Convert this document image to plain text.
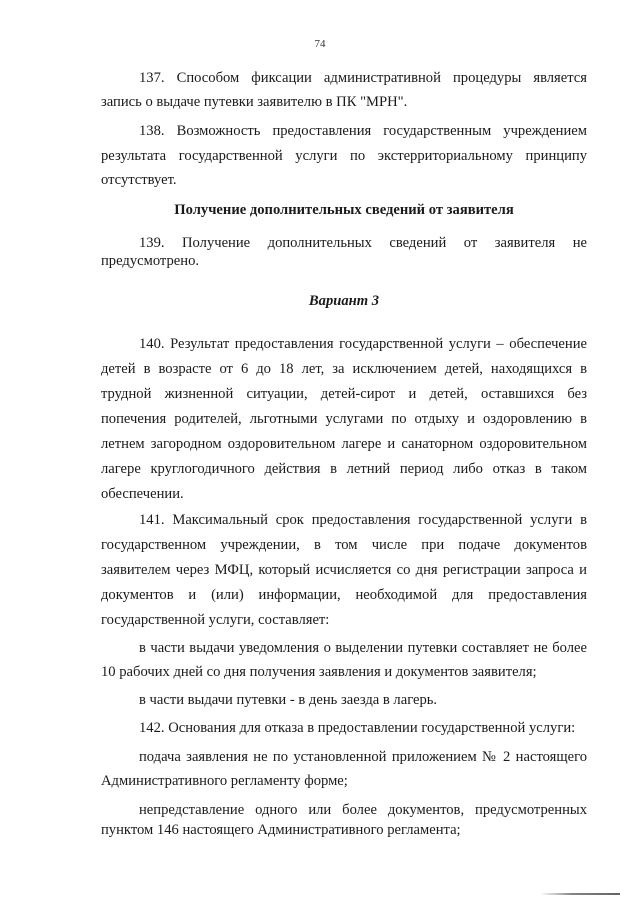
74
137. Способом фиксации административной процедуры является
запись о выдаче путевки заявителю в ПК "МРН".
138. Возможность предоставления государственным учреждением
результата государственной услуги по экстерриториальному принципу
отсутствует.
Получение дополнительных сведений от заявителя
139. Получение дополнительных сведений от заявителя не
предусмотрено.
Вариант 3
140. Результат предоставления государственной услуги – обеспечение
детей в возрасте от 6 до 18 лет, за исключением детей, находящихся в
трудной жизненной ситуации, детей-сирот и детей, оставшихся без
попечения родителей, льготными услугами по отдыху и оздоровлению в
летнем загородном оздоровительном лагере и санаторном оздоровительном
лагере круглогодичного действия в летний период либо отказ в таком
обеспечении.
141. Максимальный срок предоставления государственной услуги в
государственном учреждении, в том числе при подаче документов
заявителем через МФЦ, который исчисляется со дня регистрации запроса и
документов и (или) информации, необходимой для предоставления
государственной услуги, составляет:
в части выдачи уведомления о выделении путевки составляет не более
10 рабочих дней со дня получения заявления и документов заявителя;
в части выдачи путевки - в день заезда в лагерь.
142. Основания для отказа в предоставлении государственной услуги:
подача заявления не по установленной приложением № 2 настоящего
Административного регламенту форме;
непредставление одного или более документов, предусмотренных
пунктом 146 настоящего Административного регламента;
